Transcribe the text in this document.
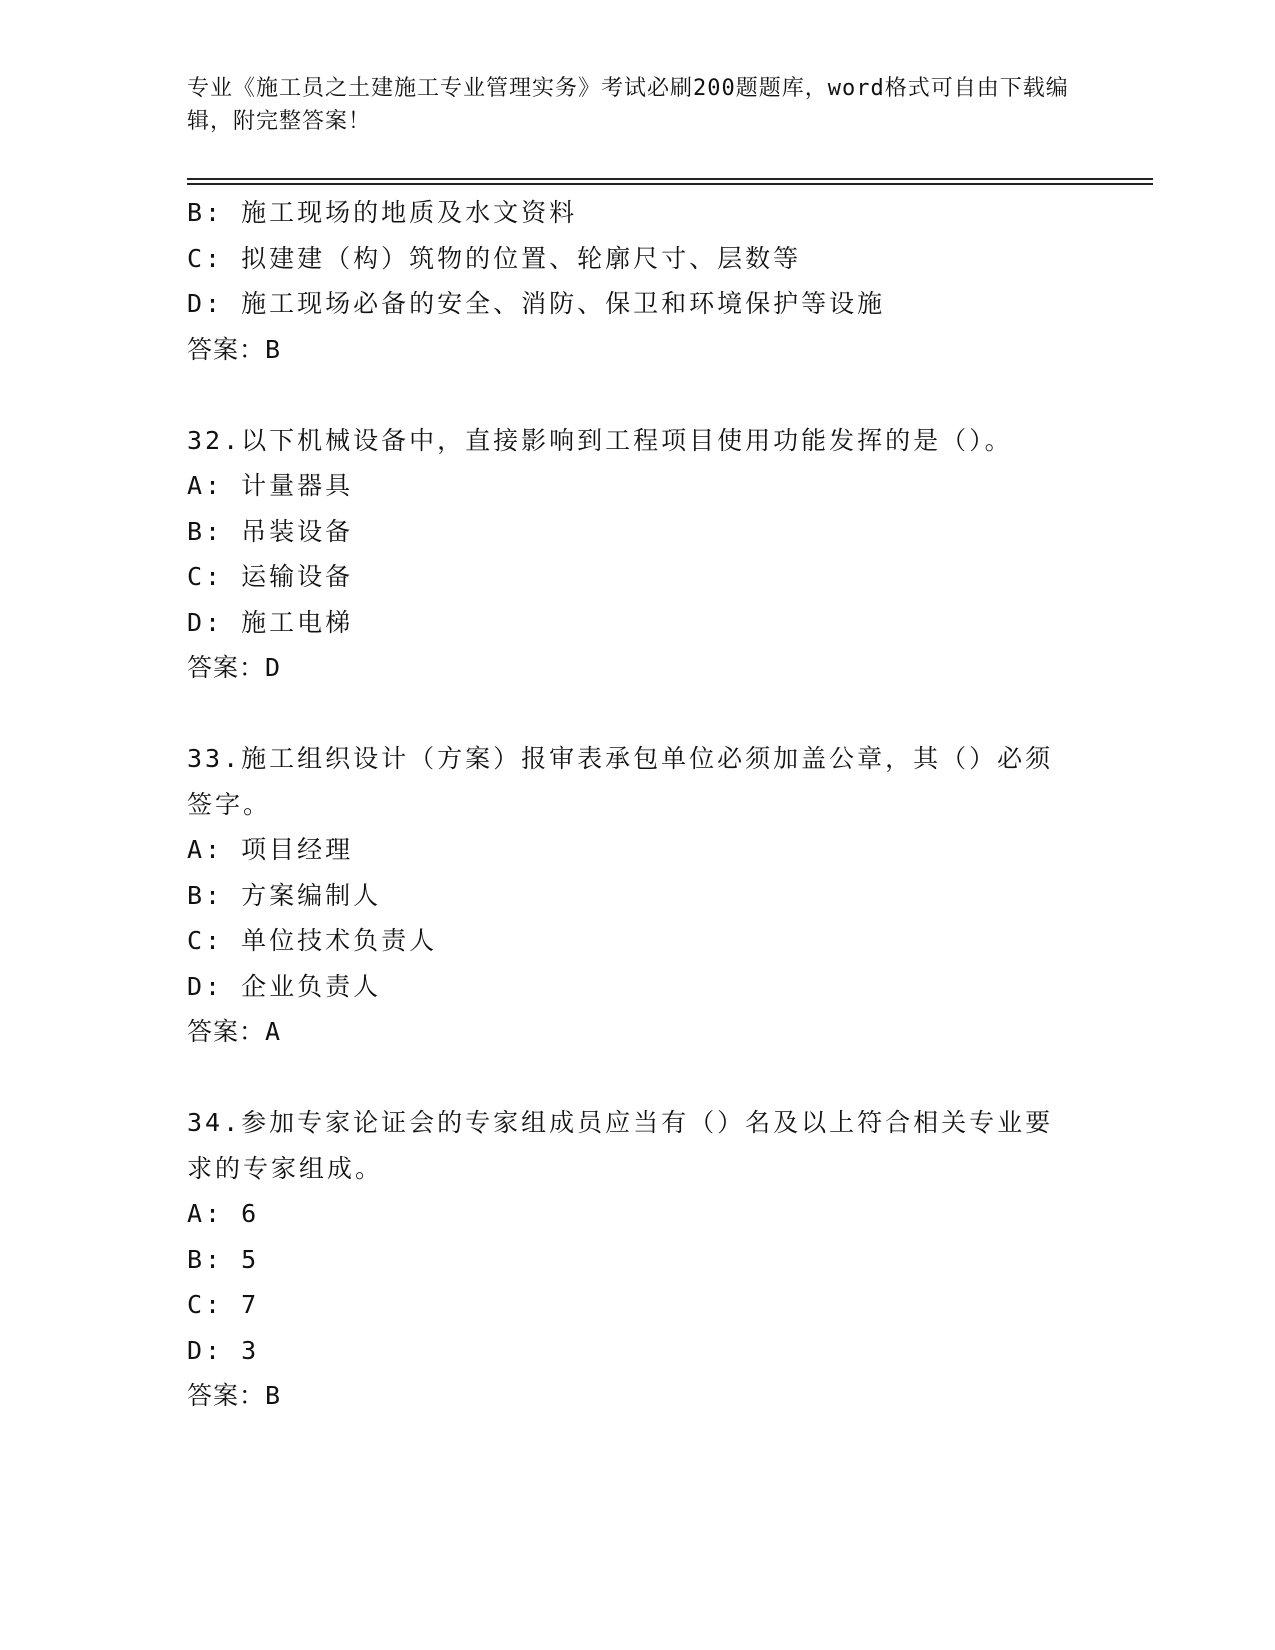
专业《施工员之土建施工专业管理实务》考试必刷200题题库，word格式可自由下载编辑，附完整答案！
B: 施工现场的地质及水文资料
C: 拟建建（构）筑物的位置、轮廓尺寸、层数等
D: 施工现场必备的安全、消防、保卫和环境保护等设施
答案：B
32.以下机械设备中，直接影响到工程项目使用功能发挥的是（）。
A: 计量器具
B: 吊装设备
C: 运输设备
D: 施工电梯
答案：D
33.施工组织设计（方案）报审表承包单位必须加盖公章，其（）必须
签字。
A: 项目经理
B: 方案编制人
C: 单位技术负责人
D: 企业负责人
答案：A
34.参加专家论证会的专家组成员应当有（）名及以上符合相关专业要
求的专家组成。
A: 6
B: 5
C: 7
D: 3
答案：B
